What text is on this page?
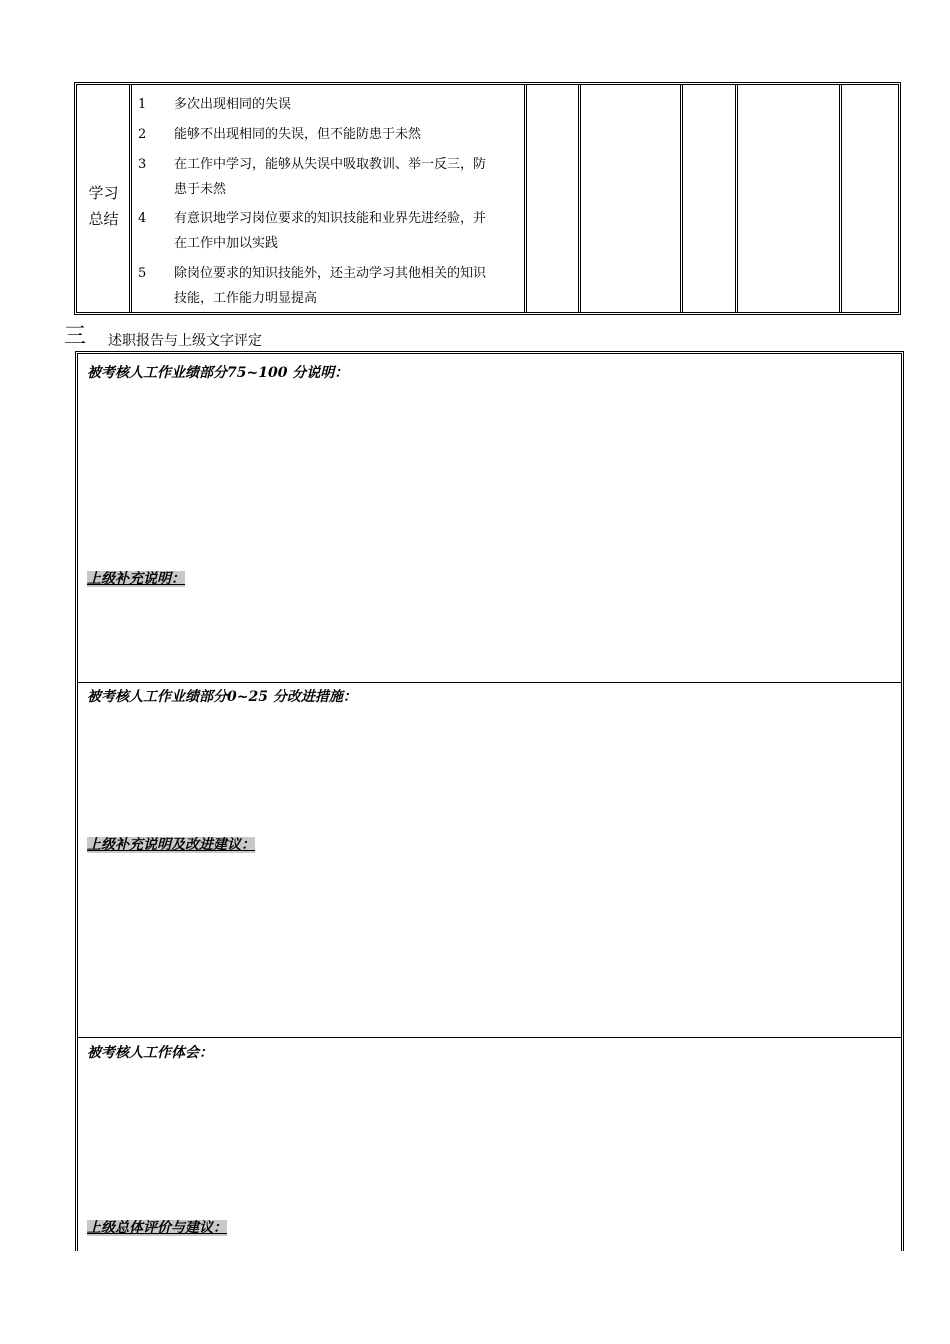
学习
总结
1 多次出现相同的失误
2 能够不出现相同的失误，但不能防患于未然
3 在工作中学习，能够从失误中吸取教训、举一反三，防
患于未然
4 有意识地学习岗位要求的知识技能和业界先进经验，并
在工作中加以实践
5 除岗位要求的知识技能外，还主动学习其他相关的知识
技能，工作能力明显提高
三 述职报告与上级文字评定
被考核人工作业绩部分75~100 分说明：
上级补充说明：
被考核人工作业绩部分0~25 分改进措施：
上级补充说明及改进建议：
被考核人工作体会：
上级总体评价与建议：
